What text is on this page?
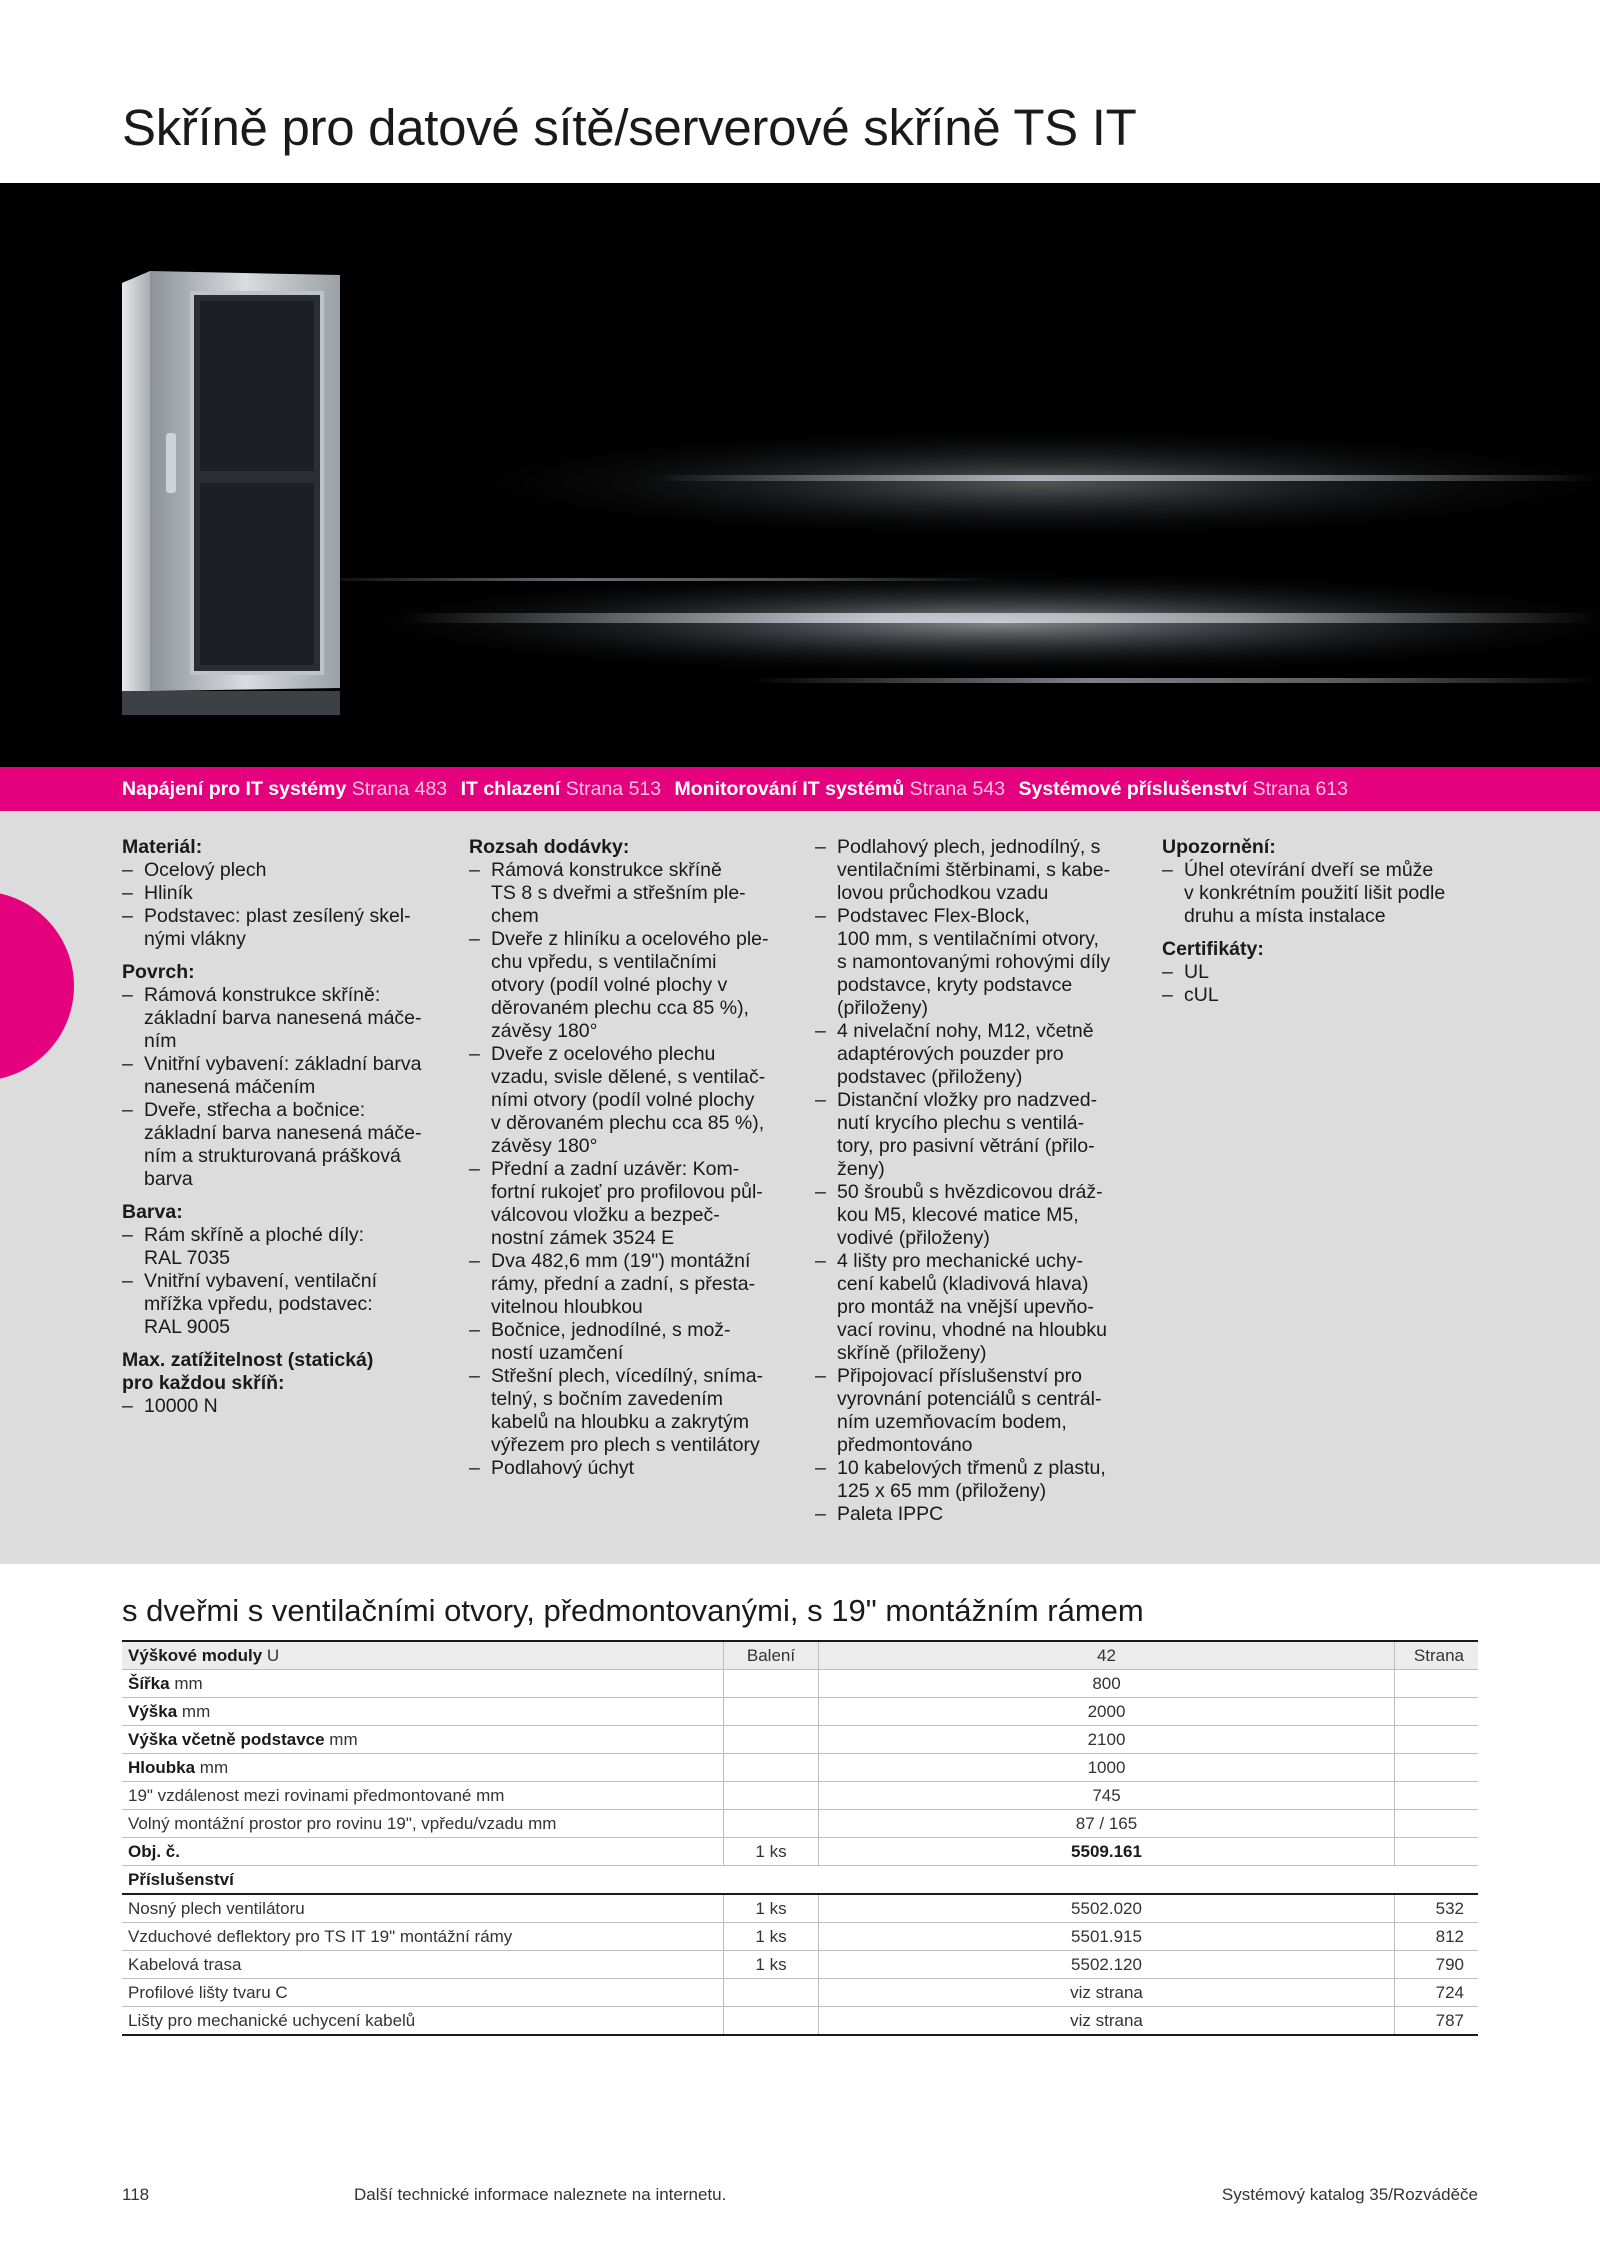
Skříně pro datové sítě/serverové skříně TS IT
Napájení pro IT systémy Strana 483 IT chlazení Strana 513 Monitorování IT systémů Strana 543 Systémové příslušenství Strana 613
Materiál:
– Ocelový plech
– Hliník
– Podstavec: plast zesílený skel-
nými vlákny
Povrch:
– Rámová konstrukce skříně:
základní barva nanesená máče-
ním
– Vnitřní vybavení: základní barva
nanesená máčením
– Dveře, střecha a bočnice:
základní barva nanesená máče-
ním a strukturovaná prášková
barva
Barva:
– Rám skříně a ploché díly:
RAL 7035
– Vnitřní vybavení, ventilační
mřížka vpředu, podstavec:
RAL 9005
Max. zatížitelnost (statická)
pro každou skříň:
– 10000 N
Rozsah dodávky:
– Rámová konstrukce skříně
TS 8 s dveřmi a střešním ple-
chem
– Dveře z hliníku a ocelového ple-
chu vpředu, s ventilačními
otvory (podíl volné plochy v
děrovaném plechu cca 85 %),
závěsy 180°
– Dveře z ocelového plechu
vzadu, svisle dělené, s ventilač-
ními otvory (podíl volné plochy
v děrovaném plechu cca 85 %),
závěsy 180°
– Přední a zadní uzávěr: Kom-
fortní rukojeť pro profilovou půl-
válcovou vložku a bezpeč-
nostní zámek 3524 E
– Dva 482,6 mm (19") montážní
rámy, přední a zadní, s přesta-
vitelnou hloubkou
– Bočnice, jednodílné, s mož-
ností uzamčení
– Střešní plech, vícedílný, sníma-
telný, s bočním zavedením
kabelů na hloubku a zakrytým
výřezem pro plech s ventilátory
– Podlahový úchyt
– Podlahový plech, jednodílný, s
ventilačními štěrbinami, s kabe-
lovou průchodkou vzadu
– Podstavec Flex-Block,
100 mm, s ventilačními otvory,
s namontovanými rohovými díly
podstavce, kryty podstavce
(přiloženy)
– 4 nivelační nohy, M12, včetně
adaptérových pouzder pro
podstavec (přiloženy)
– Distanční vložky pro nadzved-
nutí krycího plechu s ventilá-
tory, pro pasivní větrání (přilo-
ženy)
– 50 šroubů s hvězdicovou dráž-
kou M5, klecové matice M5,
vodivé (přiloženy)
– 4 lišty pro mechanické uchy-
cení kabelů (kladivová hlava)
pro montáž na vnější upevňo-
vací rovinu, vhodné na hloubku
skříně (přiloženy)
– Připojovací příslušenství pro
vyrovnání potenciálů s centrál-
ním uzemňovacím bodem,
předmontováno
– 10 kabelových třmenů z plastu,
125 x 65 mm (přiloženy)
– Paleta IPPC
Upozornění:
– Úhel otevírání dveří se může
v konkrétním použití lišit podle
druhu a místa instalace
Certifikáty:
– UL
– cUL
s dveřmi s ventilačními otvory, předmontovanými, s 19" montážním rámem
Výškové moduly U	Balení	42	Strana
Šířka mm		800	
Výška mm		2000	
Výška včetně podstavce mm		2100	
Hloubka mm		1000	
19" vzdálenost mezi rovinami předmontované mm		745	
Volný montážní prostor pro rovinu 19", vpředu/vzadu mm		87 / 165	
Obj. č.	1 ks	5509.161	
Příslušenství			
Nosný plech ventilátoru	1 ks	5502.020	532
Vzduchové deflektory pro TS IT 19" montážní rámy	1 ks	5501.915	812
Kabelová trasa	1 ks	5502.120	790
Profilové lišty tvaru C		viz strana	724
Lišty pro mechanické uchycení kabelů		viz strana	787
118	Další technické informace naleznete na internetu.	Systémový katalog 35/Rozváděče
